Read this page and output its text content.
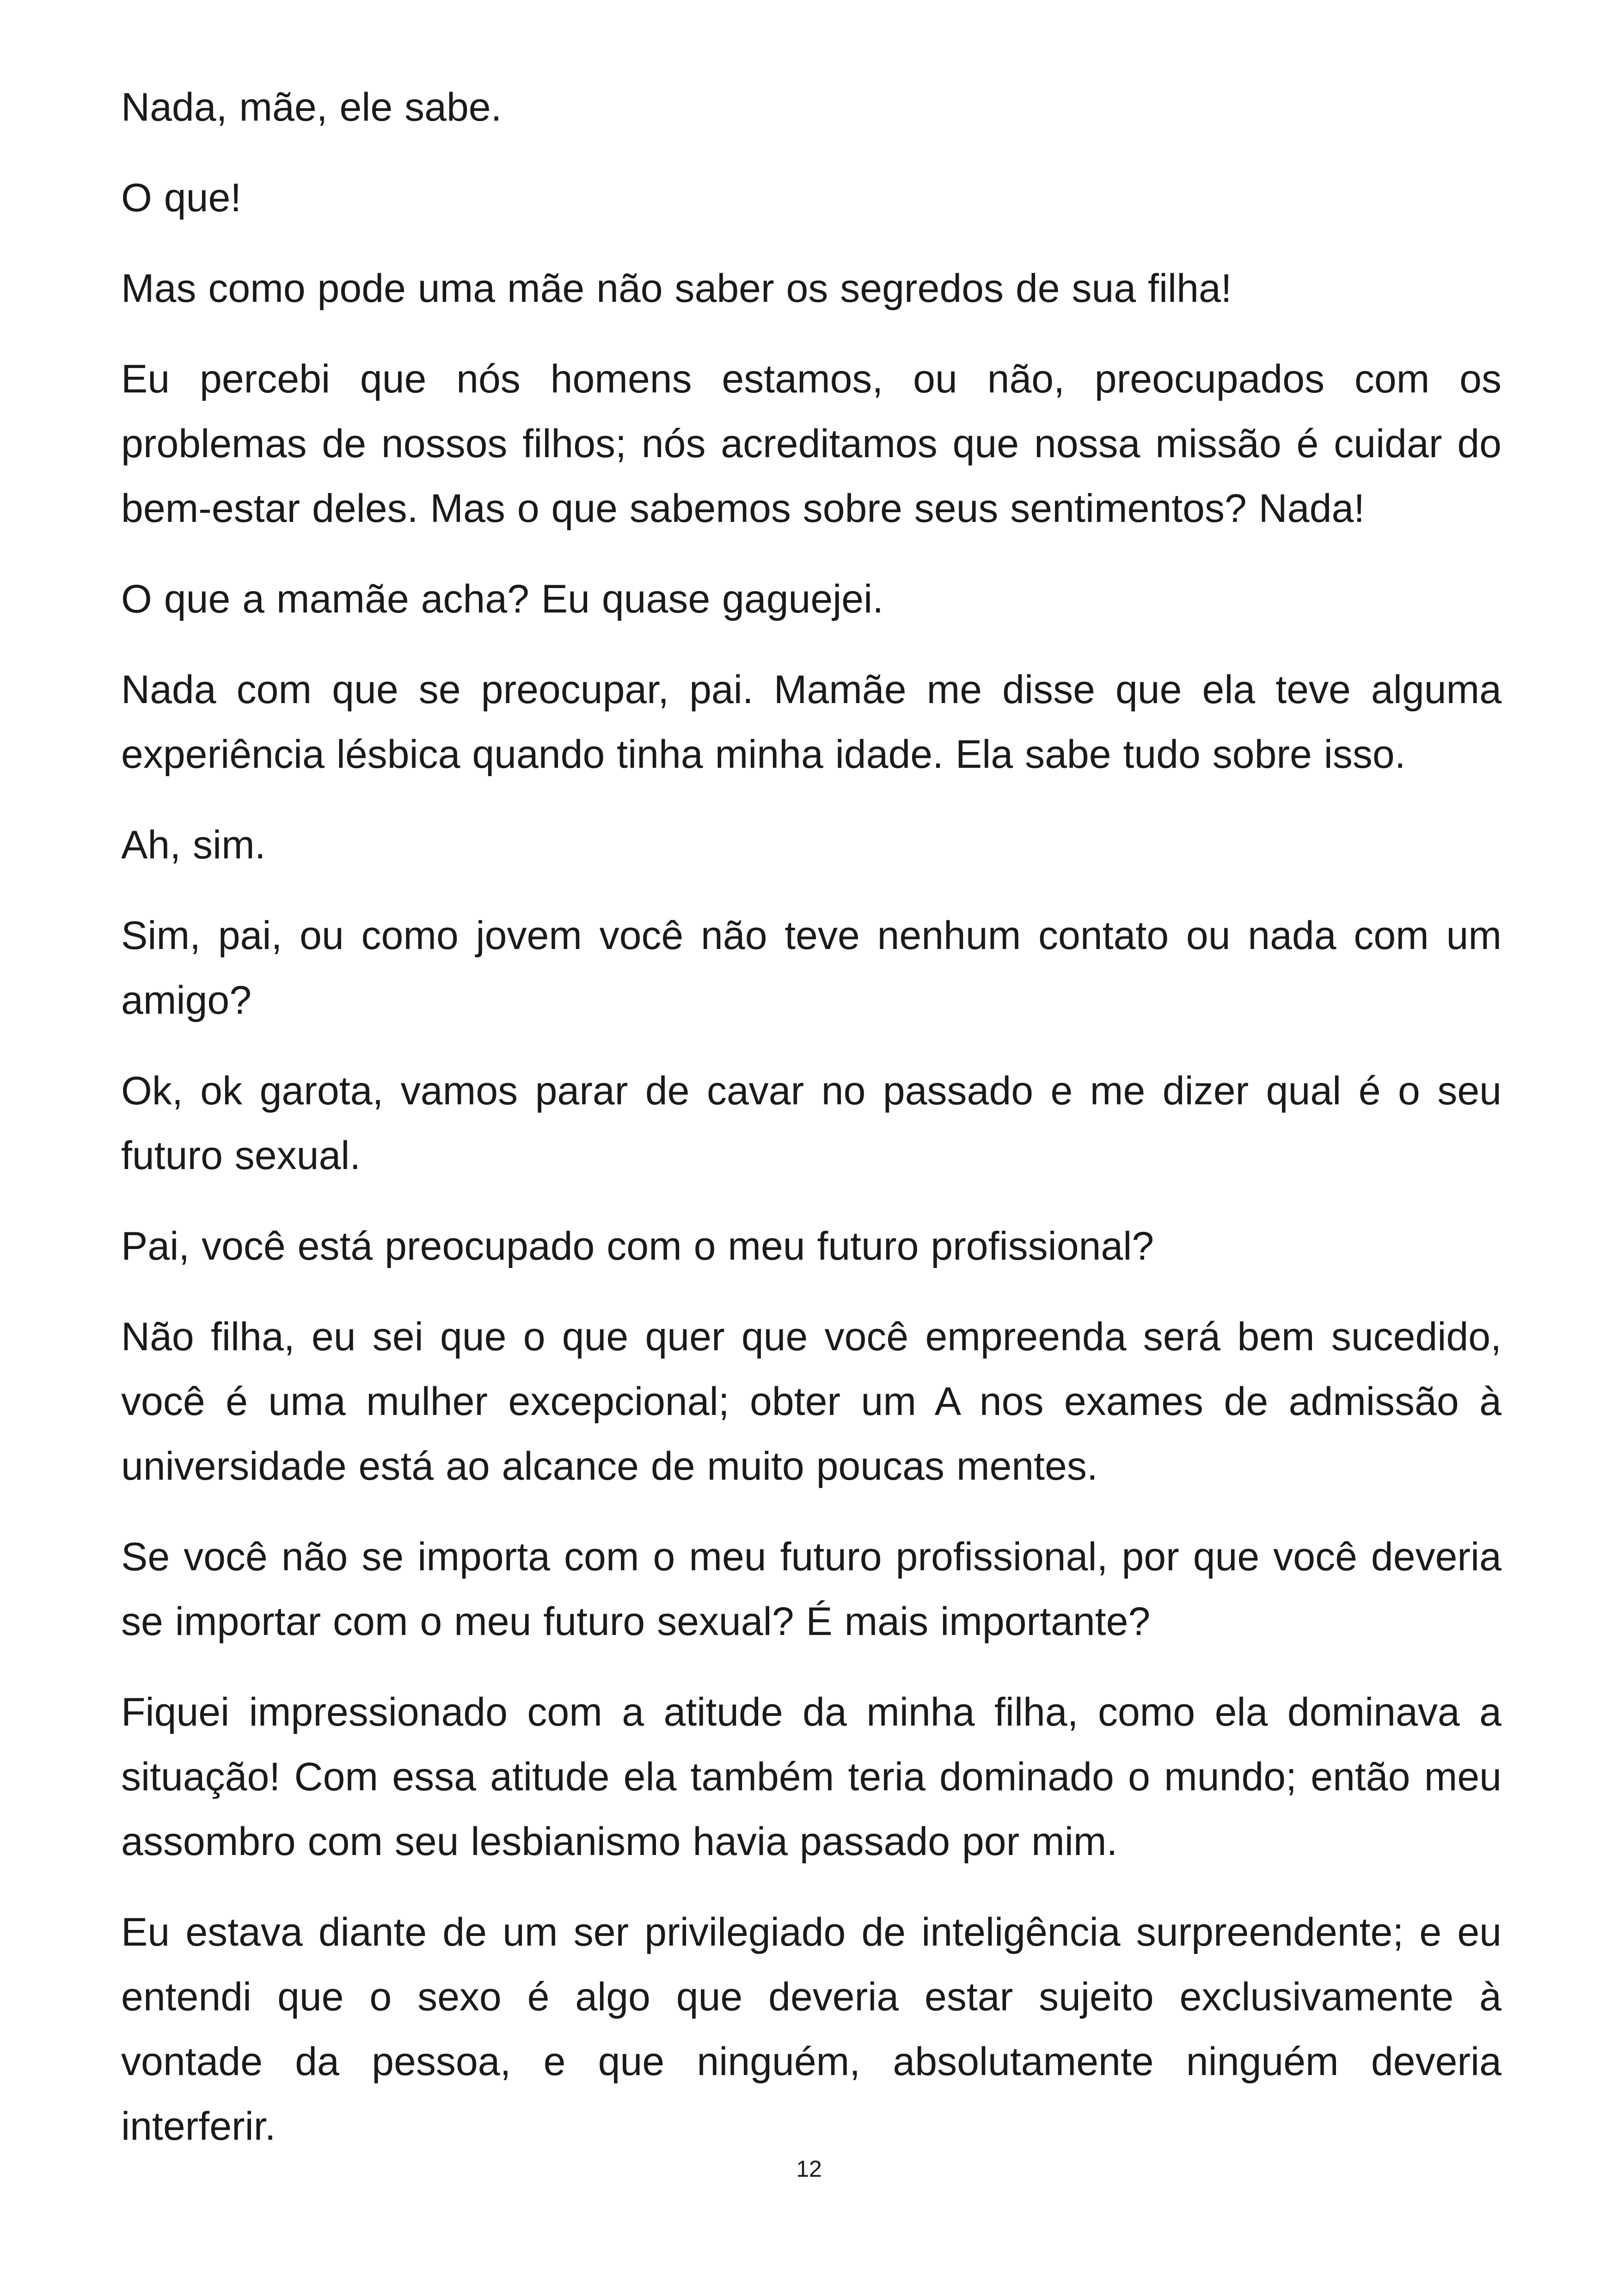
Nada, mãe, ele sabe.

O que!

Mas como pode uma mãe não saber os segredos de sua filha!

Eu percebi que nós homens estamos, ou não, preocupados com os problemas de nossos filhos; nós acreditamos que nossa missão é cuidar do bem-estar deles. Mas o que sabemos sobre seus sentimentos? Nada!

O que a mamãe acha? Eu quase gaguejei.

Nada com que se preocupar, pai. Mamãe me disse que ela teve alguma experiência lésbica quando tinha minha idade. Ela sabe tudo sobre isso.

Ah, sim.

Sim, pai, ou como jovem você não teve nenhum contato ou nada com um amigo?

Ok, ok garota, vamos parar de cavar no passado e me dizer qual é o seu futuro sexual.

Pai, você está preocupado com o meu futuro profissional?

Não filha, eu sei que o que quer que você empreenda será bem sucedido, você é uma mulher excepcional; obter um A nos exames de admissão à universidade está ao alcance de muito poucas mentes.

Se você não se importa com o meu futuro profissional, por que você deveria se importar com o meu futuro sexual? É mais importante?

Fiquei impressionado com a atitude da minha filha, como ela dominava a situação! Com essa atitude ela também teria dominado o mundo; então meu assombro com seu lesbianismo havia passado por mim.

Eu estava diante de um ser privilegiado de inteligência surpreendente; e eu entendi que o sexo é algo que deveria estar sujeito exclusivamente à vontade da pessoa, e que ninguém, absolutamente ninguém deveria interferir.

12
